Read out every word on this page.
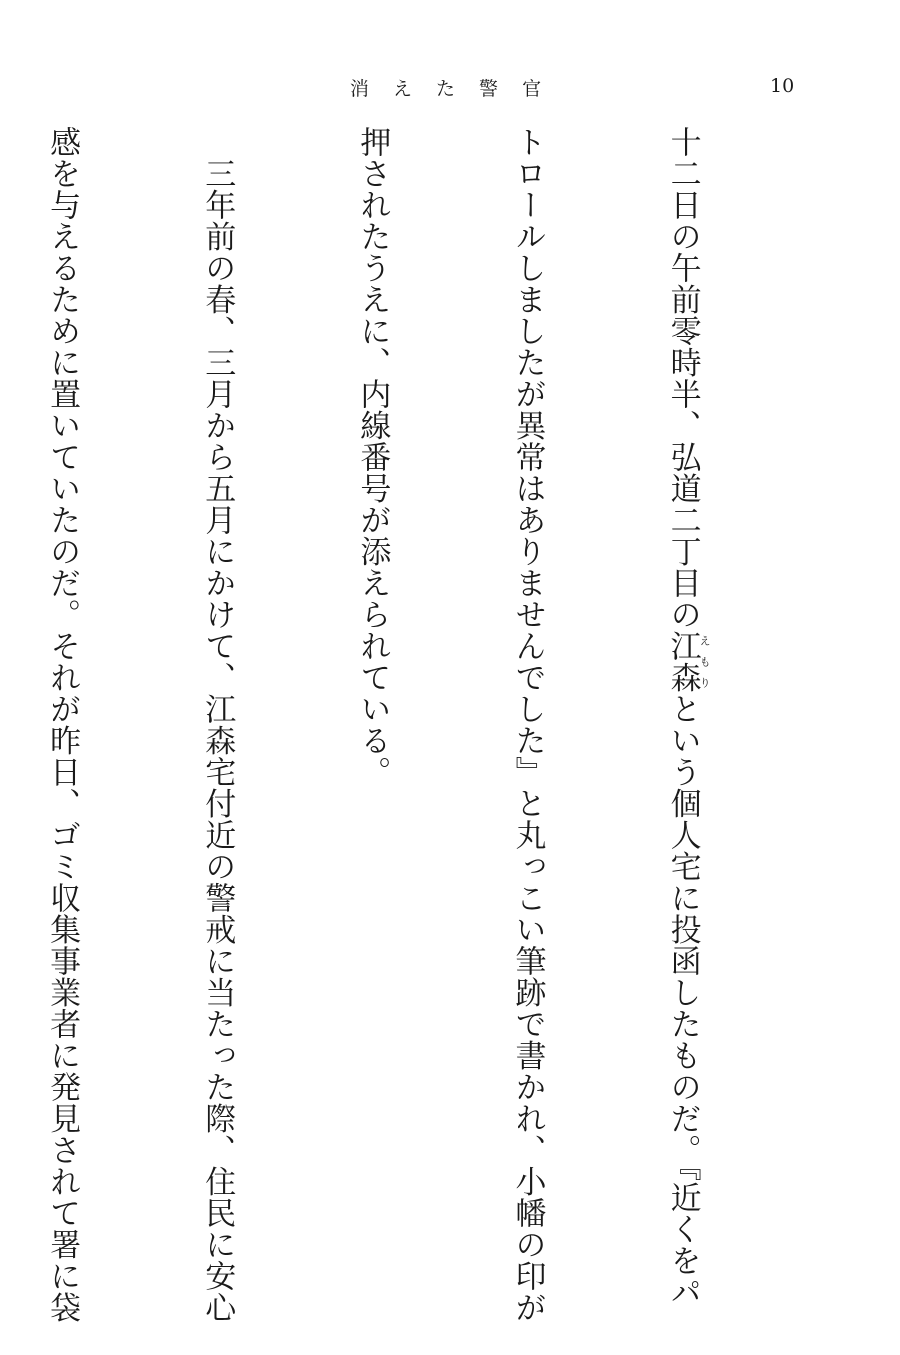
消 え た 警 官	10

十二日の午前零時半、弘道二丁目の江森えもりという個人宅に投函したものだ。『近くをパ

トロールしましたが異常はありませんでした』と丸っこい筆跡で書かれ、小幡の印が

押されたうえに、内線番号が添えられている。

　三年前の春、三月から五月にかけて、江森宅付近の警戒に当たった際、住民に安心

感を与えるために置いていたのだ。それが昨日、ゴミ収集事業者に発見されて署に袋
